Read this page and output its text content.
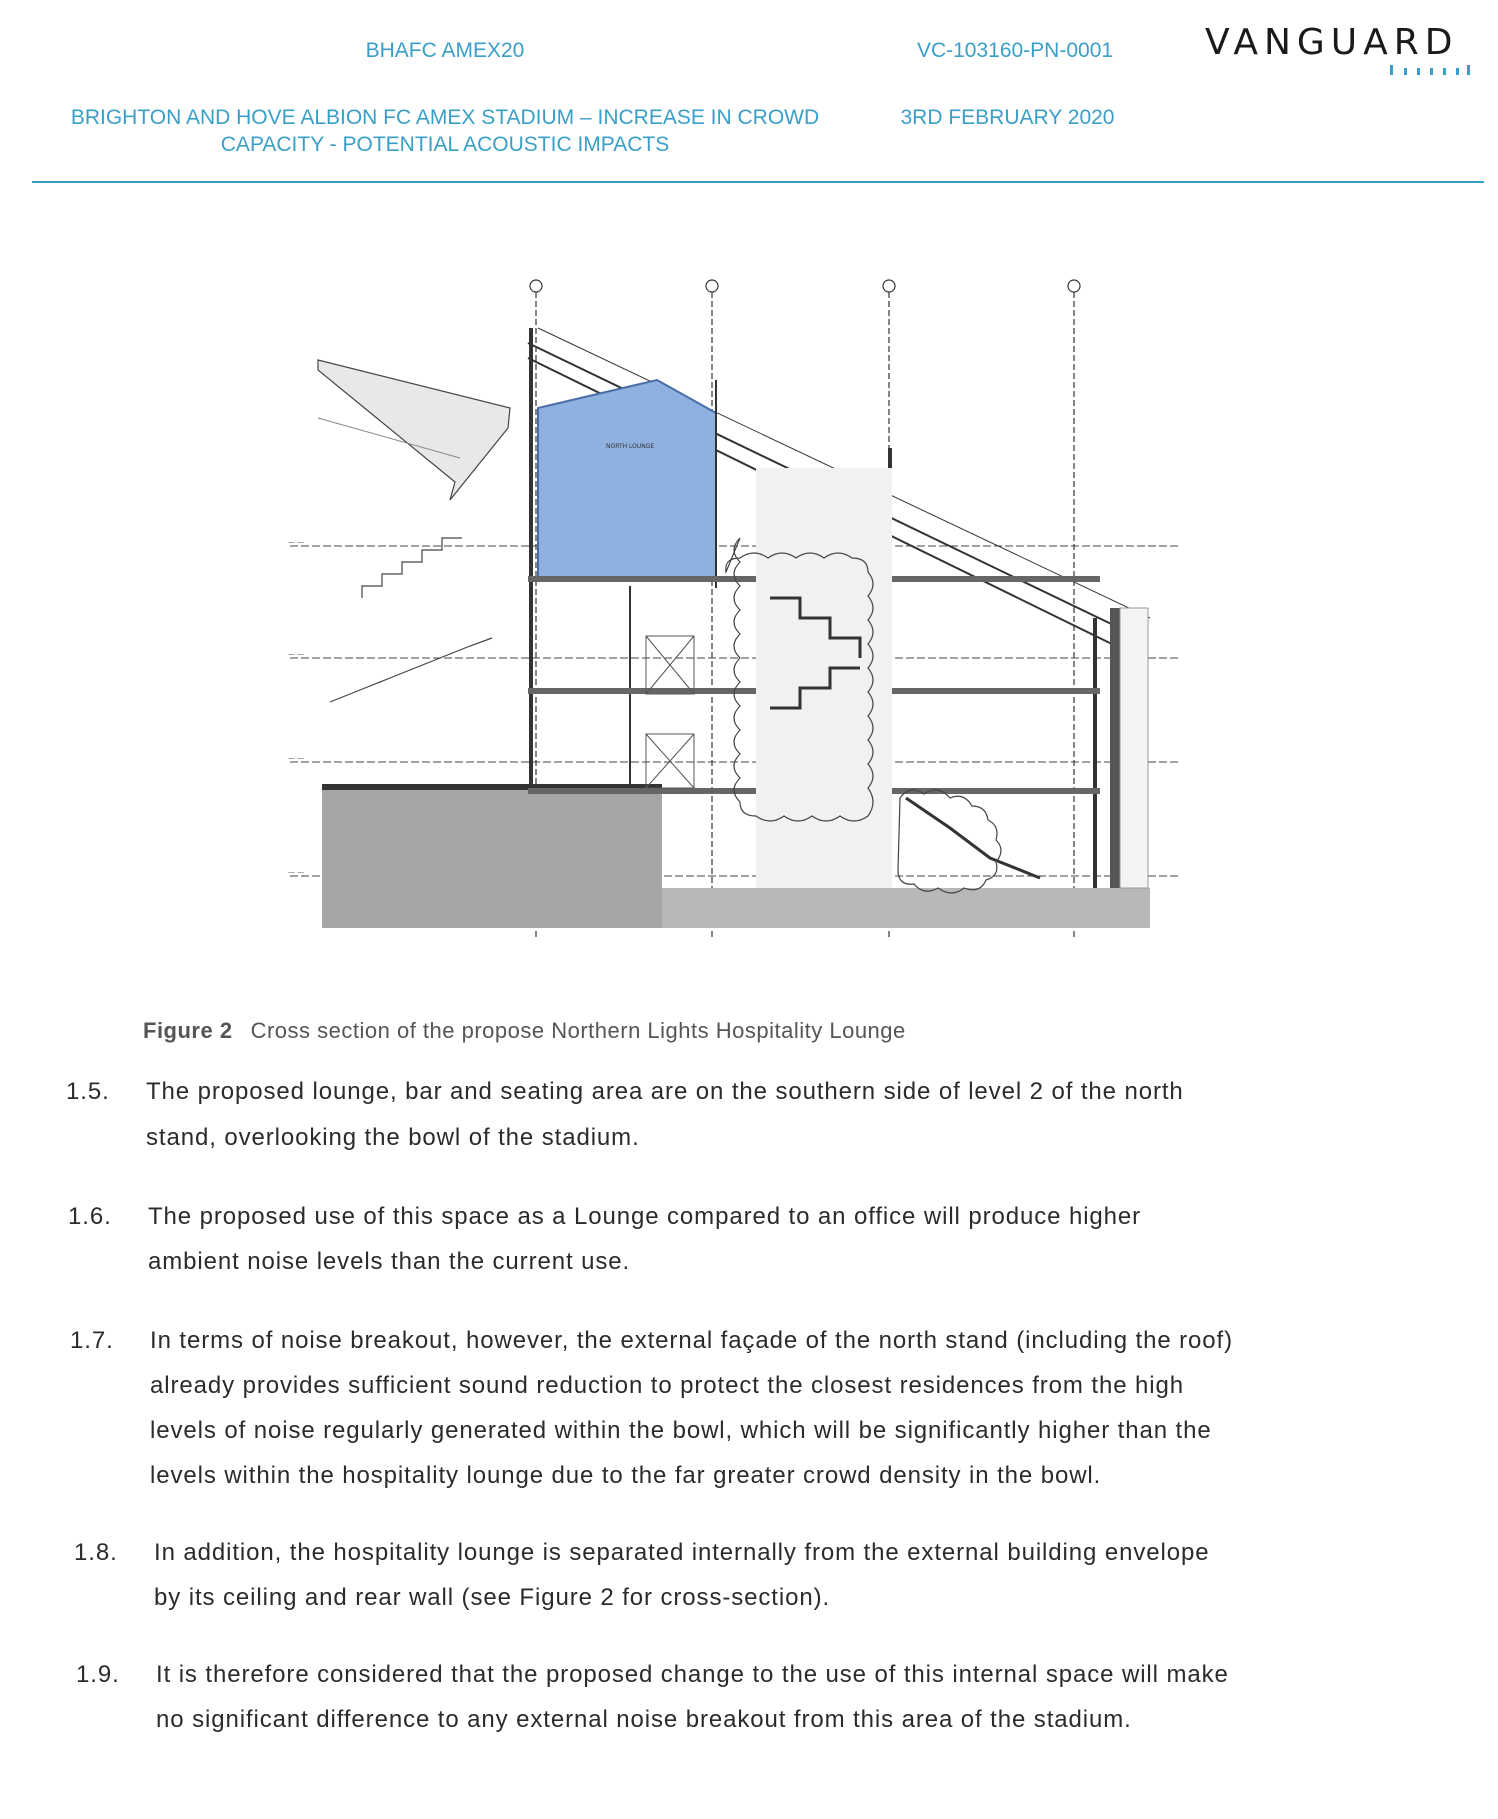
BHAFC AMEX20	VC-103160-PN-0001
BRIGHTON AND HOVE ALBION FC AMEX STADIUM – INCREASE IN CROWD
CAPACITY - POTENTIAL ACOUSTIC IMPACTS
3RD FEBRUARY 2020
VANGUARD
— —
— —
— —
— —
NORTH LOUNGE
Figure 2 Cross section of the propose Northern Lights Hospitality Lounge
1.5. The proposed lounge, bar and seating area are on the southern side of level 2 of the north
stand, overlooking the bowl of the stadium.
1.6. The proposed use of this space as a Lounge compared to an office will produce higher
ambient noise levels than the current use.
1.7. In terms of noise breakout, however, the external façade of the north stand (including the roof)
already provides sufficient sound reduction to protect the closest residences from the high
levels of noise regularly generated within the bowl, which will be significantly higher than the
levels within the hospitality lounge due to the far greater crowd density in the bowl.
1.8. In addition, the hospitality lounge is separated internally from the external building envelope
by its ceiling and rear wall (see Figure 2 for cross-section).
1.9. It is therefore considered that the proposed change to the use of this internal space will make
no significant difference to any external noise breakout from this area of the stadium.
